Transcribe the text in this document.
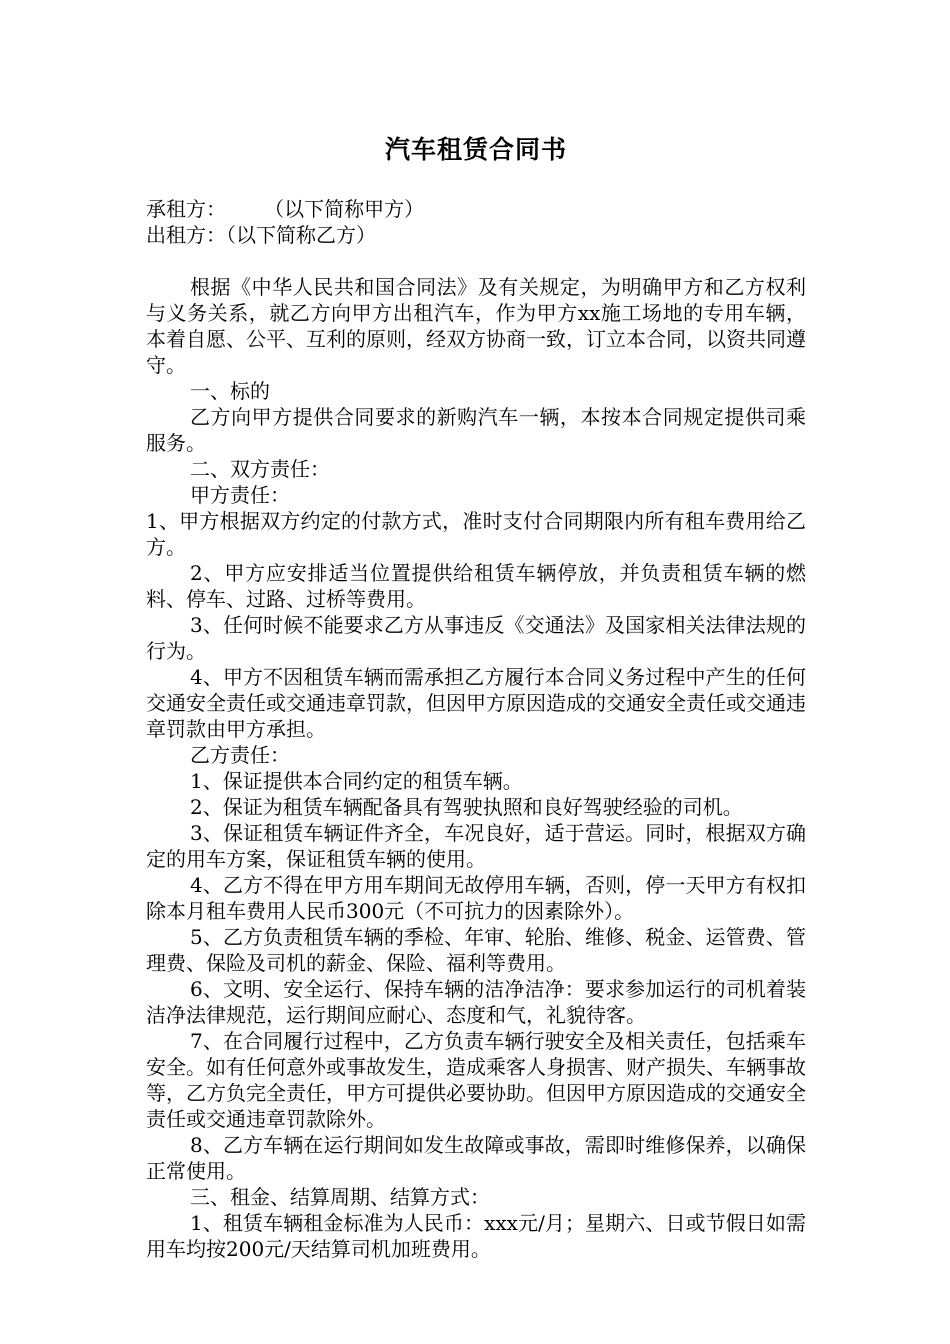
汽车租赁合同书
承租方：      （以下简称甲方）
出租方：（以下简称乙方）

根据《中华人民共和国合同法》及有关规定，为明确甲方和乙方权利与义务关系，就乙方向甲方出租汽车，作为甲方xx施工场地的专用车辆，本着自愿、公平、互利的原则，经双方协商一致，订立本合同，以资共同遵守。

一、标的

乙方向甲方提供合同要求的新购汽车一辆，本按本合同规定提供司乘服务。

二、双方责任：

甲方责任：

1、甲方根据双方约定的付款方式，准时支付合同期限内所有租车费用给乙方。

2、甲方应安排适当位置提供给租赁车辆停放，并负责租赁车辆的燃料、停车、过路、过桥等费用。

3、任何时候不能要求乙方从事违反《交通法》及国家相关法律法规的行为。

4、甲方不因租赁车辆而需承担乙方履行本合同义务过程中产生的任何交通安全责任或交通违章罚款，但因甲方原因造成的交通安全责任或交通违章罚款由甲方承担。

乙方责任：

1、保证提供本合同约定的租赁车辆。

2、保证为租赁车辆配备具有驾驶执照和良好驾驶经验的司机。

3、保证租赁车辆证件齐全，车况良好，适于营运。同时，根据双方确定的用车方案，保证租赁车辆的使用。

4、乙方不得在甲方用车期间无故停用车辆，否则，停一天甲方有权扣除本月租车费用人民币300元（不可抗力的因素除外）。

5、乙方负责租赁车辆的季检、年审、轮胎、维修、税金、运管费、管理费、保险及司机的薪金、保险、福利等费用。

6、文明、安全运行、保持车辆的洁净洁净：要求参加运行的司机着装洁净法律规范，运行期间应耐心、态度和气，礼貌待客。

7、在合同履行过程中，乙方负责车辆行驶安全及相关责任，包括乘车安全。如有任何意外或事故发生，造成乘客人身损害、财产损失、车辆事故等，乙方负完全责任，甲方可提供必要协助。但因甲方原因造成的交通安全责任或交通违章罚款除外。

8、乙方车辆在运行期间如发生故障或事故，需即时维修保养，以确保正常使用。

三、租金、结算周期、结算方式：

1、租赁车辆租金标准为人民币：xxx元/月；星期六、日或节假日如需用车均按200元/天结算司机加班费用。
